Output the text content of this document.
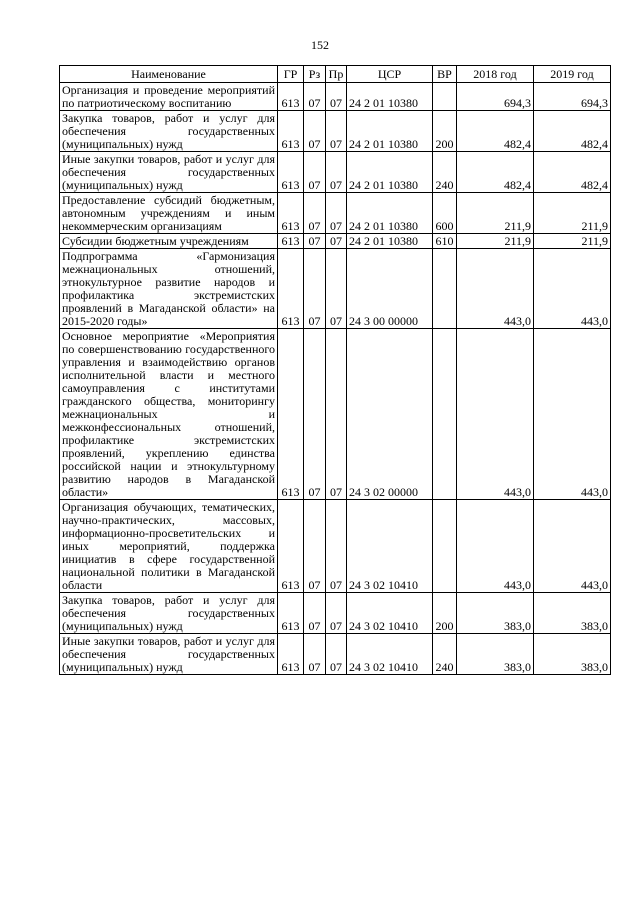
152
Наименование	ГР	Рз	Пр	ЦСР	ВР	2018 год	2019 год
Организация и проведение мероприятий по патриотическому воспитанию	613	07	07	24 2 01 10380		694,3	694,3
Закупка товаров, работ и услуг для обеспечения государственных (муниципальных) нужд	613	07	07	24 2 01 10380	200	482,4	482,4
Иные закупки товаров, работ и услуг для обеспечения государственных (муниципальных) нужд	613	07	07	24 2 01 10380	240	482,4	482,4
Предоставление субсидий бюджетным, автономным учреждениям и иным некоммерческим организациям	613	07	07	24 2 01 10380	600	211,9	211,9
Субсидии бюджетным учреждениям	613	07	07	24 2 01 10380	610	211,9	211,9
Подпрограмма «Гармонизация межнациональных отношений, этнокультурное развитие народов и профилактика экстремистских проявлений в Магаданской области» на 2015-2020 годы»	613	07	07	24 3 00 00000		443,0	443,0
Основное мероприятие «Мероприятия по совершенствованию государственного управления и взаимодействию органов исполнительной власти и местного самоуправления с институтами гражданского общества, мониторингу межнациональных и межконфессиональных отношений, профилактике экстремистских проявлений, укреплению единства российской нации и этнокультурному развитию народов в Магаданской области»	613	07	07	24 3 02 00000		443,0	443,0
Организация обучающих, тематических, научно-практических, массовых, информационно-просветительских и иных мероприятий, поддержка инициатив в сфере государственной национальной политики в Магаданской области	613	07	07	24 3 02 10410		443,0	443,0
Закупка товаров, работ и услуг для обеспечения государственных (муниципальных) нужд	613	07	07	24 3 02 10410	200	383,0	383,0
Иные закупки товаров, работ и услуг для обеспечения государственных (муниципальных) нужд	613	07	07	24 3 02 10410	240	383,0	383,0
